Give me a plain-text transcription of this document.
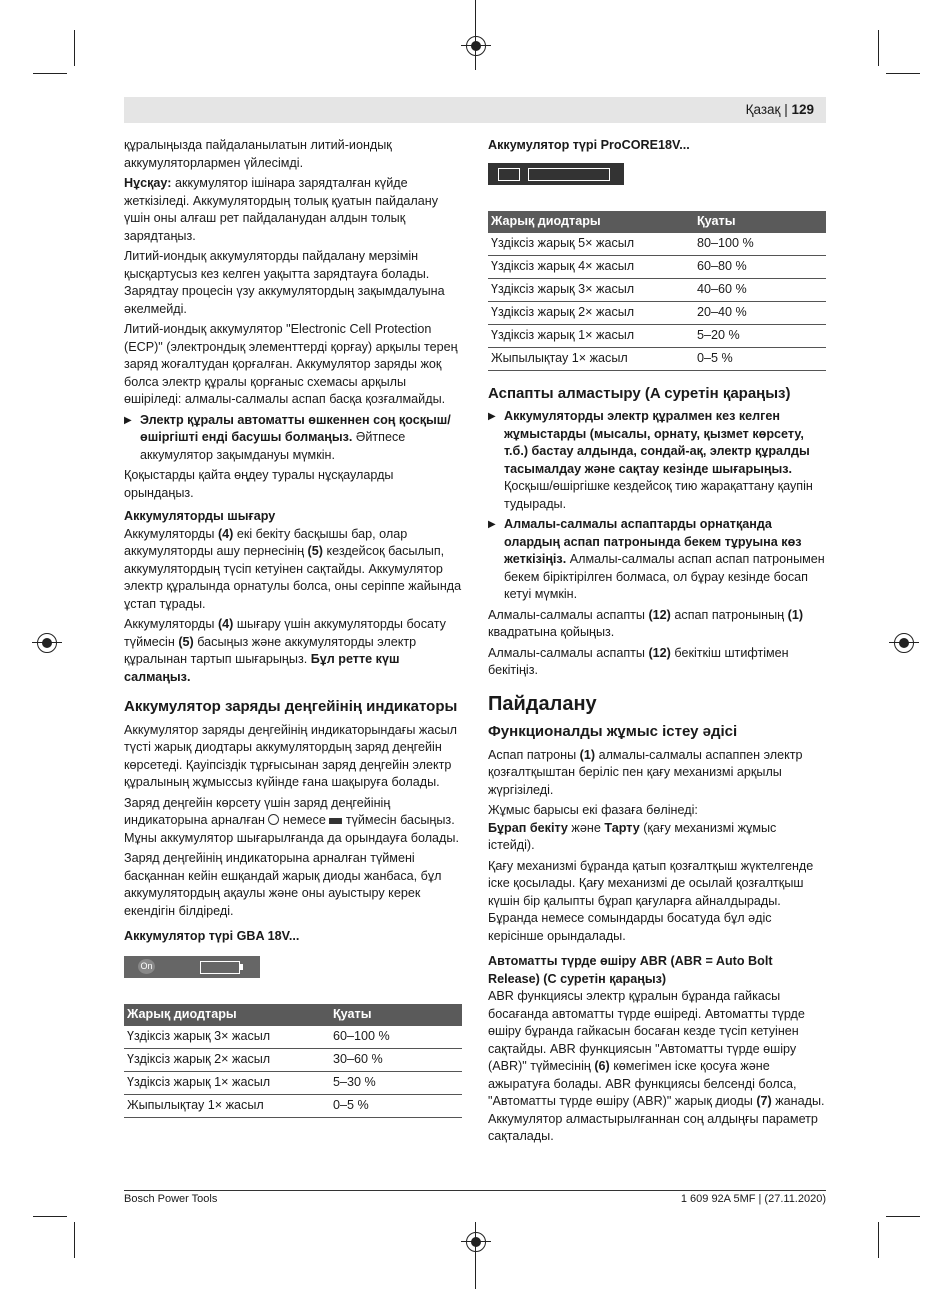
Қазақ | 129

құралыңызда пайдаланылатын литий-иондық аккумуляторлармен үйлесімді.

Нұсқау: аккумулятор ішінара зарядталған күйде жеткізіледі. Аккумулятордың толық қуатын пайдалану үшін оны алғаш рет пайдаланудан алдын толық зарядтаңыз.

Литий-иондық аккумуляторды пайдалану мерзімін қысқартусыз кез келген уақытта зарядтауға болады. Зарядтау процесін үзу аккумулятордың зақымдалуына әкелмейді.

Литий-иондық аккумулятор "Electronic Cell Protection (ECP)" (электрондық элементтерді қорғау) арқылы терең заряд жоғалтудан қорғалған. Аккумулятор заряды жоқ болса электр құралы қорғаныс схемасы арқылы өшіріледі: алмалы-салмалы аспап басқа қозғалмайды.

▶ Электр құралы автоматты өшкеннен соң қосқыш/өшіргішті енді басушы болмаңыз. Әйтпесе аккумулятор зақымдануы мүмкін.

Қоқыстарды қайта өңдеу туралы нұсқауларды орындаңыз.

Аккумуляторды шығару

Аккумуляторды (4) екі бекіту басқышы бар, олар аккумуляторды ашу пернесінің (5) кездейсоқ басылып, аккумулятордың түсіп кетуінен сақтайды. Аккумулятор электр құралында орнатулы болса, оны серіппе жайында ұстап тұрады.

Аккумуляторды (4) шығару үшін аккумуляторды босату түймесін (5) басыңыз және аккумуляторды электр құралынан тартып шығарыңыз. Бұл ретте күш салмаңыз.

Аккумулятор заряды деңгейінің индикаторы

Аккумулятор заряды деңгейінің индикаторындағы жасыл түсті жарық диодтары аккумулятордың заряд деңгейін көрсетеді. Қауіпсіздік тұрғысынан заряд деңгейін электр құралының жұмыссыз күйінде ғана шақыруға болады.

Заряд деңгейін көрсету үшін заряд деңгейінің индикаторына арналған  немесе  түймесін басыңыз. Мұны аккумулятор шығарылғанда да орындауға болады.

Заряд деңгейінің индикаторына арналған түймені басқаннан кейін ешқандай жарық диоды жанбаса, бұл аккумулятордың ақаулы және оны ауыстыру керек екендігін білдіреді.

Аккумулятор түрі GBA 18V...
On
Жарық диодтары	Қуаты
Үздіксіз жарық 3× жасыл	60–100 %
Үздіксіз жарық 2× жасыл	30–60 %
Үздіксіз жарық 1× жасыл	5–30 %
Жыпылықтау 1× жасыл	0–5 %
Аккумулятор түрі ProCORE18V...
Жарық диодтары	Қуаты
Үздіксіз жарық 5× жасыл	80–100 %
Үздіксіз жарық 4× жасыл	60–80 %
Үздіксіз жарық 3× жасыл	40–60 %
Үздіксіз жарық 2× жасыл	20–40 %
Үздіксіз жарық 1× жасыл	5–20 %
Жыпылықтау 1× жасыл	0–5 %
Аспапты алмастыру (A суретін қараңыз)

▶ Аккумуляторды электр құралмен кез келген жұмыстарды (мысалы, орнату, қызмет көрсету, т.б.) бастау алдында, сондай-ақ, электр құралды тасымалдау және сақтау кезінде шығарыңыз. Қосқыш/өшіргішке кездейсоқ тию жарақаттану қаупін тудырады.

▶ Алмалы-салмалы аспаптарды орнатқанда олардың аспап патронында бекем тұруына көз жеткізіңіз. Алмалы-салмалы аспап аспап патронымен бекем біріктірілген болмаса, ол бұрау кезінде босап кетуі мүмкін.

Алмалы-салмалы аспапты (12) аспап патронының (1) квадратына қойыңыз.

Алмалы-салмалы аспапты (12) бекіткіш штифтімен бекітіңіз.

Пайдалану
Функционалды жұмыс істеу әдісі

Аспап патроны (1) алмалы-салмалы аспаппен электр қозғалтқыштан беріліс пен қағу механизмі арқылы жүргізіледі.

Жұмыс барысы екі фазаға бөлінеді:

Бұрап бекіту және Тарту (қағу механизмі жұмыс істейді).

Қағу механизмі бұранда қатып қозғалтқыш жүктелгенде іске қосылады. Қағу механизмі де осылай қозғалтқыш күшін бір қалыпты бұрап қағуларға айналдырады. Бұранда немесе сомындарды босатуда бұл әдіс керісінше орындалады.

Автоматты түрде өшіру ABR (ABR = Auto Bolt Release) (C суретін қараңыз)

ABR функциясы электр құралын бұранда гайкасы босағанда автоматты түрде өшіреді. Автоматты түрде өшіру бұранда гайкасын босаған кезде түсіп кетуінен сақтайды. ABR функциясын "Автоматты түрде өшіру (ABR)" түймесінің (6) көмегімен іске қосуға және ажыратуға болады. ABR функциясы белсенді болса, "Автоматты түрде өшіру (ABR)" жарық диоды (7) жанады. Аккумулятор алмастырылғаннан соң алдыңғы параметр сақталады.

Bosch Power Tools	1 609 92A 5MF | (27.11.2020)
